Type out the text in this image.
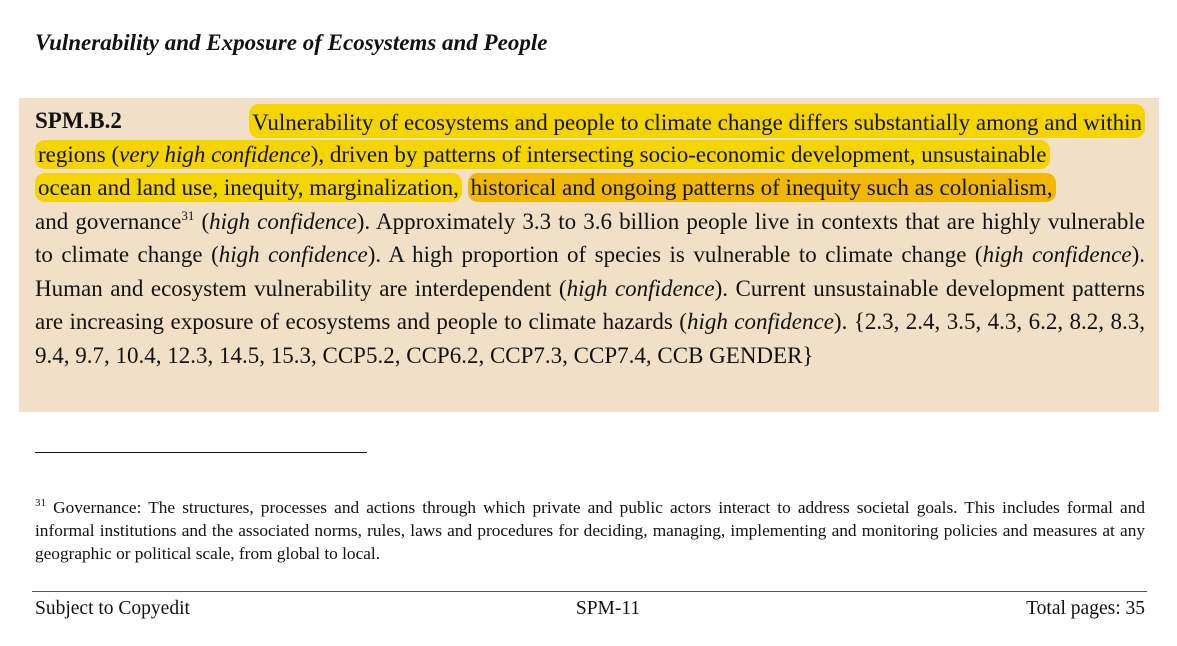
Vulnerability and Exposure of Ecosystems and People
SPM.B.2	Vulnerability of ecosystems and people to climate change differs substantially among and within
regions (very high confidence), driven by patterns of intersecting socio-economic development, unsustainable
ocean and land use, inequity, marginalization, historical and ongoing patterns of inequity such as colonialism,
and governance$^{31}$ (high confidence). Approximately 3.3 to 3.6 billion people live in contexts that are highly vulnerable to climate change (high confidence). A high proportion of species is vulnerable to climate change (high confidence). Human and ecosystem vulnerability are interdependent (high confidence). Current unsustainable development patterns are increasing exposure of ecosystems and people to climate hazards (high confidence). {2.3, 2.4, 3.5, 4.3, 6.2, 8.2, 8.3, 9.4, 9.7, 10.4, 12.3, 14.5, 15.3, CCP5.2, CCP6.2, CCP7.3, CCP7.4, CCB GENDER}
$^{31}$ Governance: The structures, processes and actions through which private and public actors interact to address societal goals. This includes formal and informal institutions and the associated norms, rules, laws and procedures for deciding, managing, implementing and monitoring policies and measures at any geographic or political scale, from global to local.
Subject to Copyedit	SPM-11	Total pages: 35
